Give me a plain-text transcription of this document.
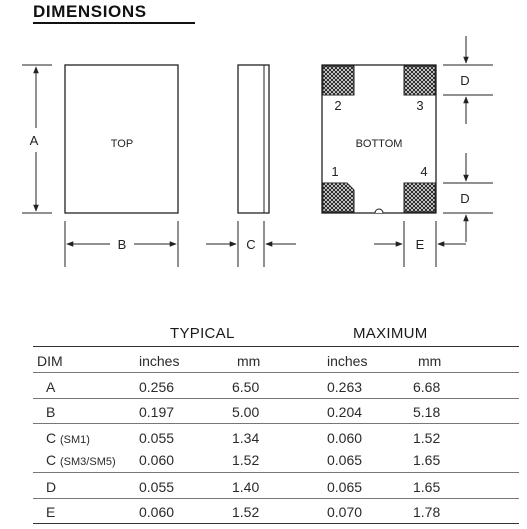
DIMENSIONS
TOP
A
B	C
2	3
1	4
BOTTOM
D
D
E
TYPICAL	MAXIMUM
DIM	inches	mm	inches	mm
A	0.256	6.50	0.263	6.68
B	0.197	5.00	0.204	5.18
C (SM1)	0.055	1.34	0.060	1.52
C (SM3/SM5) 0.060	1.52	0.065	1.65
D	0.055	1.40	0.065	1.65
E	0.060	1.52	0.070	1.78
